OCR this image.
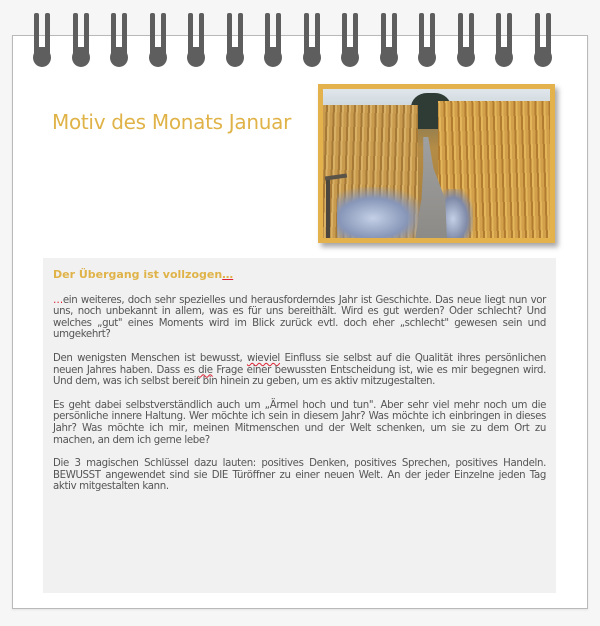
Motiv des Monats Januar
Der Übergang ist vollzogen…

…ein weiteres, doch sehr spezielles und herausforderndes Jahr ist Geschichte. Das neue liegt nun vor uns, noch unbekannt in allem, was es für uns bereithält. Wird es gut werden? Oder schlecht? Und welches „gut" eines Moments wird im Blick zurück evtl. doch eher „schlecht" gewesen sein und umgekehrt?

Den wenigsten Menschen ist bewusst, wieviel Einfluss sie selbst auf die Qualität ihres persönlichen neuen Jahres haben. Dass es die Frage einer bewussten Entscheidung ist, wie es mir begegnen wird. Und dem, was ich selbst bereit bin hinein zu geben, um es aktiv mitzugestalten.

Es geht dabei selbstverständlich auch um „Ärmel hoch und tun". Aber sehr viel mehr noch um die persönliche innere Haltung. Wer möchte ich sein in diesem Jahr? Was möchte ich einbringen in dieses Jahr? Was möchte ich mir, meinen Mitmenschen und der Welt schenken, um sie zu dem Ort zu machen, an dem ich gerne lebe?

Die 3 magischen Schlüssel dazu lauten: positives Denken, positives Sprechen, positives Handeln. BEWUSST angewendet sind sie DIE Türöffner zu einer neuen Welt. An der jeder Einzelne jeden Tag aktiv mitgestalten kann.
